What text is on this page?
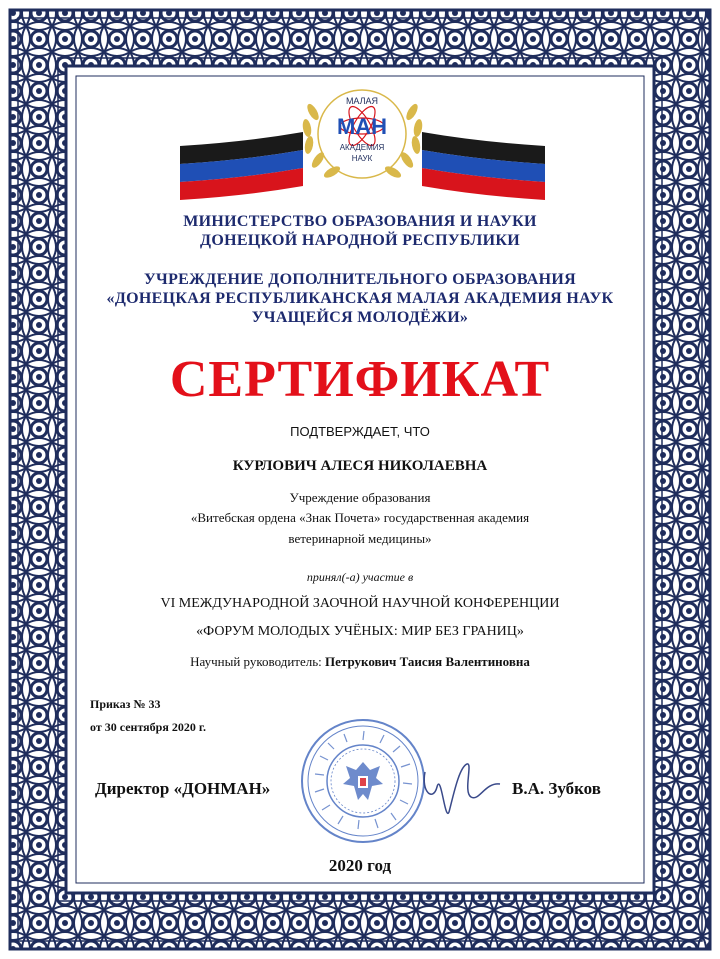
МАЛАЯ
МАН
АКАДЕМИЯ
НАУК
МИНИСТЕРСТВО ОБРАЗОВАНИЯ И НАУКИ
ДОНЕЦКОЙ НАРОДНОЙ РЕСПУБЛИКИ
УЧРЕЖДЕНИЕ ДОПОЛНИТЕЛЬНОГО ОБРАЗОВАНИЯ
«ДОНЕЦКАЯ РЕСПУБЛИКАНСКАЯ МАЛАЯ АКАДЕМИЯ НАУК
УЧАЩЕЙСЯ МОЛОДЁЖИ»
СЕРТИФИКАТ
ПОДТВЕРЖДАЕТ, ЧТО
КУРЛОВИЧ АЛЕСЯ НИКОЛАЕВНА
Учреждение образования
«Витебская ордена «Знак Почета» государственная академия
ветеринарной медицины»
принял(-а) участие в
VI МЕЖДУНАРОДНОЙ ЗАОЧНОЙ НАУЧНОЙ КОНФЕРЕНЦИИ
«ФОРУМ МОЛОДЫХ УЧЁНЫХ: МИР БЕЗ ГРАНИЦ»
Научный руководитель: Петрукович Таисия Валентиновна
Приказ № 33
от 30 сентября 2020 г.
Директор «ДОНМАН»	В.А. Зубков
2020 год
